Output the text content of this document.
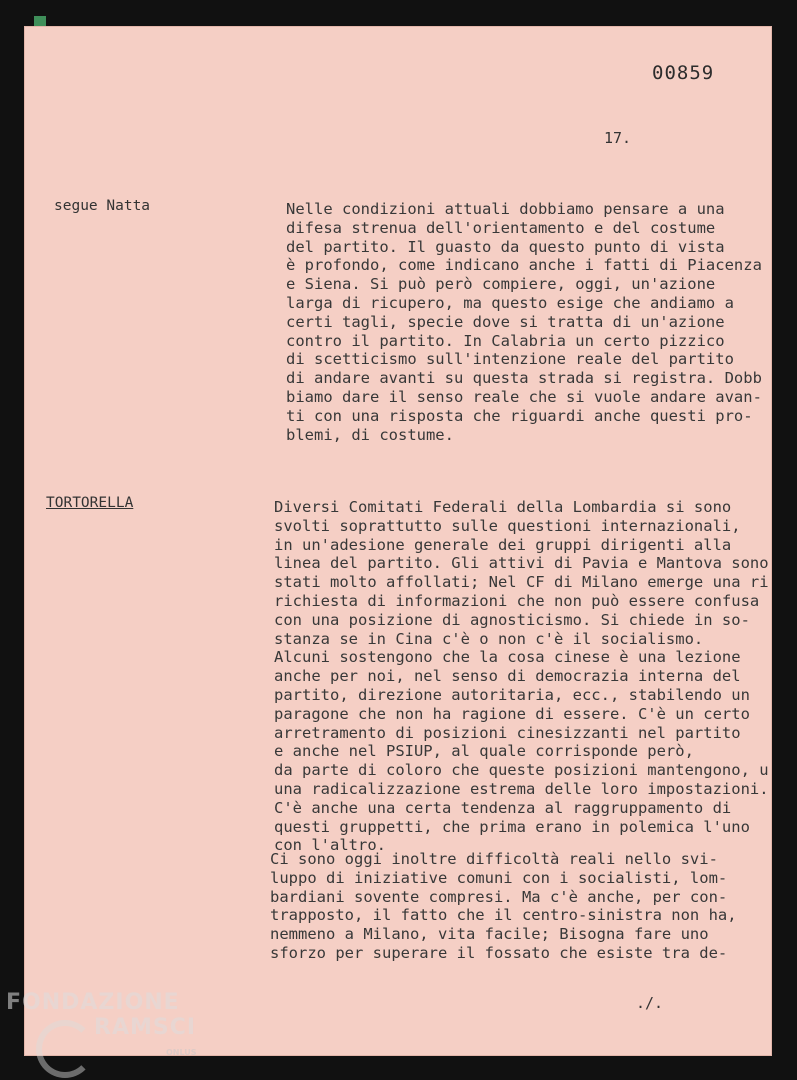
00859
17.
segue Natta	Nelle condizioni attuali dobbiamo pensare a una
difesa strenua dell'orientamento e del costume
del partito. Il guasto da questo punto di vista
è profondo, come indicano anche i fatti di Piacenza
e Siena. Si può però compiere, oggi, un'azione
larga di ricupero, ma questo esige che andiamo a
certi tagli, specie dove si tratta di un'azione
contro il partito. In Calabria un certo pizzico
di scetticismo sull'intenzione reale del partito
di andare avanti su questa strada si registra. Dobb
biamo dare il senso reale che si vuole andare avan-
ti con una risposta che riguardi anche questi pro-
blemi, di costume.
TORTORELLA	Diversi Comitati Federali della Lombardia si sono
svolti soprattutto sulle questioni internazionali,
in un'adesione generale dei gruppi dirigenti alla
linea del partito. Gli attivi di Pavia e Mantova sono
stati molto affollati; Nel CF di Milano emerge una ri
richiesta di informazioni che non può essere confusa
con una posizione di agnosticismo. Si chiede in so-
stanza se in Cina c'è o non c'è il socialismo.
Alcuni sostengono che la cosa cinese è una lezione
anche per noi, nel senso di democrazia interna del
partito, direzione autoritaria, ecc., stabilendo un
paragone che non ha ragione di essere. C'è un certo
arretramento di posizioni cinesizzanti nel partito
e anche nel PSIUP, al quale corrisponde però,
da parte di coloro che queste posizioni mantengono, u
una radicalizzazione estrema delle loro impostazioni.
C'è anche una certa tendenza al raggruppamento di
questi gruppetti, che prima erano in polemica l'uno
con l'altro.
Ci sono oggi inoltre difficoltà reali nello svi-
luppo di iniziative comuni con i socialisti, lom-
bardiani sovente compresi. Ma c'è anche, per con-
trapposto, il fatto che il centro-sinistra non ha,
nemmeno a Milano, vita facile; Bisogna fare uno
sforzo per superare il fossato che esiste tra de-
./.
FONDAZIONE
RAMSCI
ONLUS
